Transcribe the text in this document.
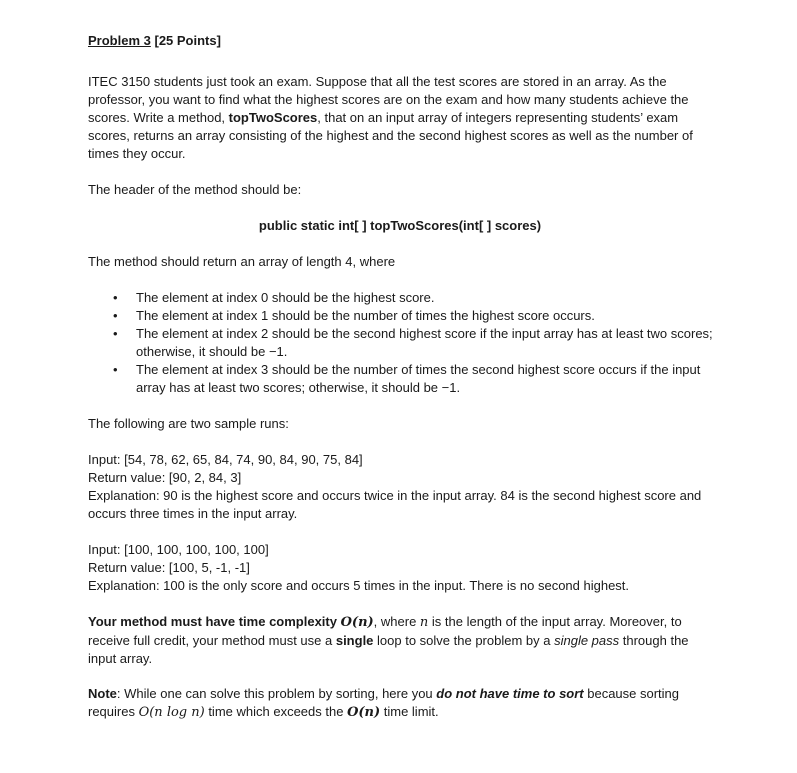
Problem 3 [25 Points]

ITEC 3150 students just took an exam. Suppose that all the test scores are stored in an array. As the professor, you want to find what the highest scores are on the exam and how many students achieve the scores. Write a method, topTwoScores, that on an input array of integers representing students’ exam scores, returns an array consisting of the highest and the second highest scores as well as the number of times they occur.

The header of the method should be:

public static int[ ] topTwoScores(int[ ] scores)

The method should return an array of length 4, where

• The element at index 0 should be the highest score.
• The element at index 1 should be the number of times the highest score occurs.
• The element at index 2 should be the second highest score if the input array has at least two scores; otherwise, it should be −1.
• The element at index 3 should be the number of times the second highest score occurs if the input array has at least two scores; otherwise, it should be −1.

The following are two sample runs:

Input: [54, 78, 62, 65, 84, 74, 90, 84, 90, 75, 84]
Return value: [90, 2, 84, 3]
Explanation: 90 is the highest score and occurs twice in the input array. 84 is the second highest score and occurs three times in the input array.
Input: [100, 100, 100, 100, 100]
Return value: [100, 5, -1, -1]
Explanation: 100 is the only score and occurs 5 times in the input. There is no second highest.

Your method must have time complexity O(n), where n is the length of the input array. Moreover, to receive full credit, your method must use a single loop to solve the problem by a single pass through the input array.

Note: While one can solve this problem by sorting, here you do not have time to sort because sorting requires O(n log n) time which exceeds the O(n) time limit.
